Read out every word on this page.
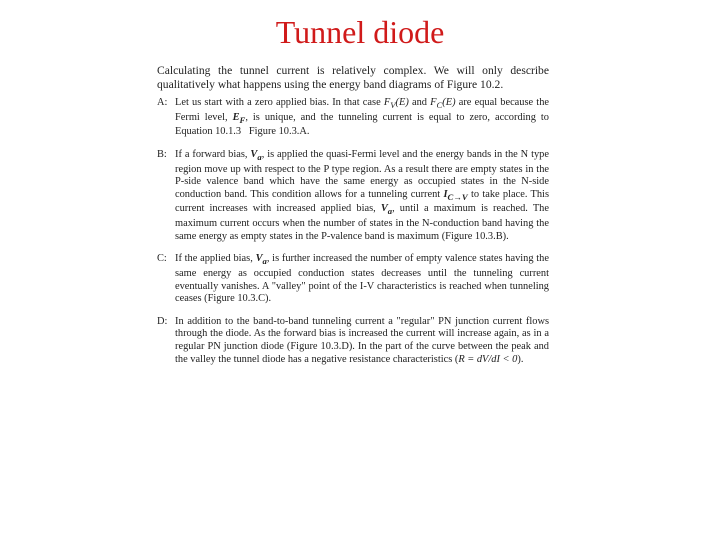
Tunnel diode

Calculating the tunnel current is relatively complex. We will only describe qualitatively what happens using the energy band diagrams of Figure 10.2.

A: Let us start with a zero applied bias. In that case $F_V(E)$ and $F_C(E)$ are equal because the Fermi level, $E_F$, is unique, and the tunneling current is equal to zero, according to Equation 10.1.3 Figure 10.3.A.

B: If a forward bias, $V_a$, is applied the quasi-Fermi level and the energy bands in the N type region move up with respect to the P type region. As a result there are empty states in the P-side valence band which have the same energy as occupied states in the N-side conduction band. This condition allows for a tunneling current $I_{C\to V}$ to take place. This current increases with increased applied bias, $V_a$, until a maximum is reached. The maximum current occurs when the number of states in the N-conduction band having the same energy as empty states in the P-valence band is maximum (Figure 10.3.B).

C: If the applied bias, $V_a$, is further increased the number of empty valence states having the same energy as occupied conduction states decreases until the tunneling current eventually vanishes. A "valley" point of the I-V characteristics is reached when tunneling ceases (Figure 10.3.C).

D: In addition to the band-to-band tunneling current a "regular" PN junction current flows through the diode. As the forward bias is increased the current will increase again, as in a regular PN junction diode (Figure 10.3.D). In the part of the curve between the peak and the valley the tunnel diode has a negative resistance characteristics (R = dV/dI < 0).
